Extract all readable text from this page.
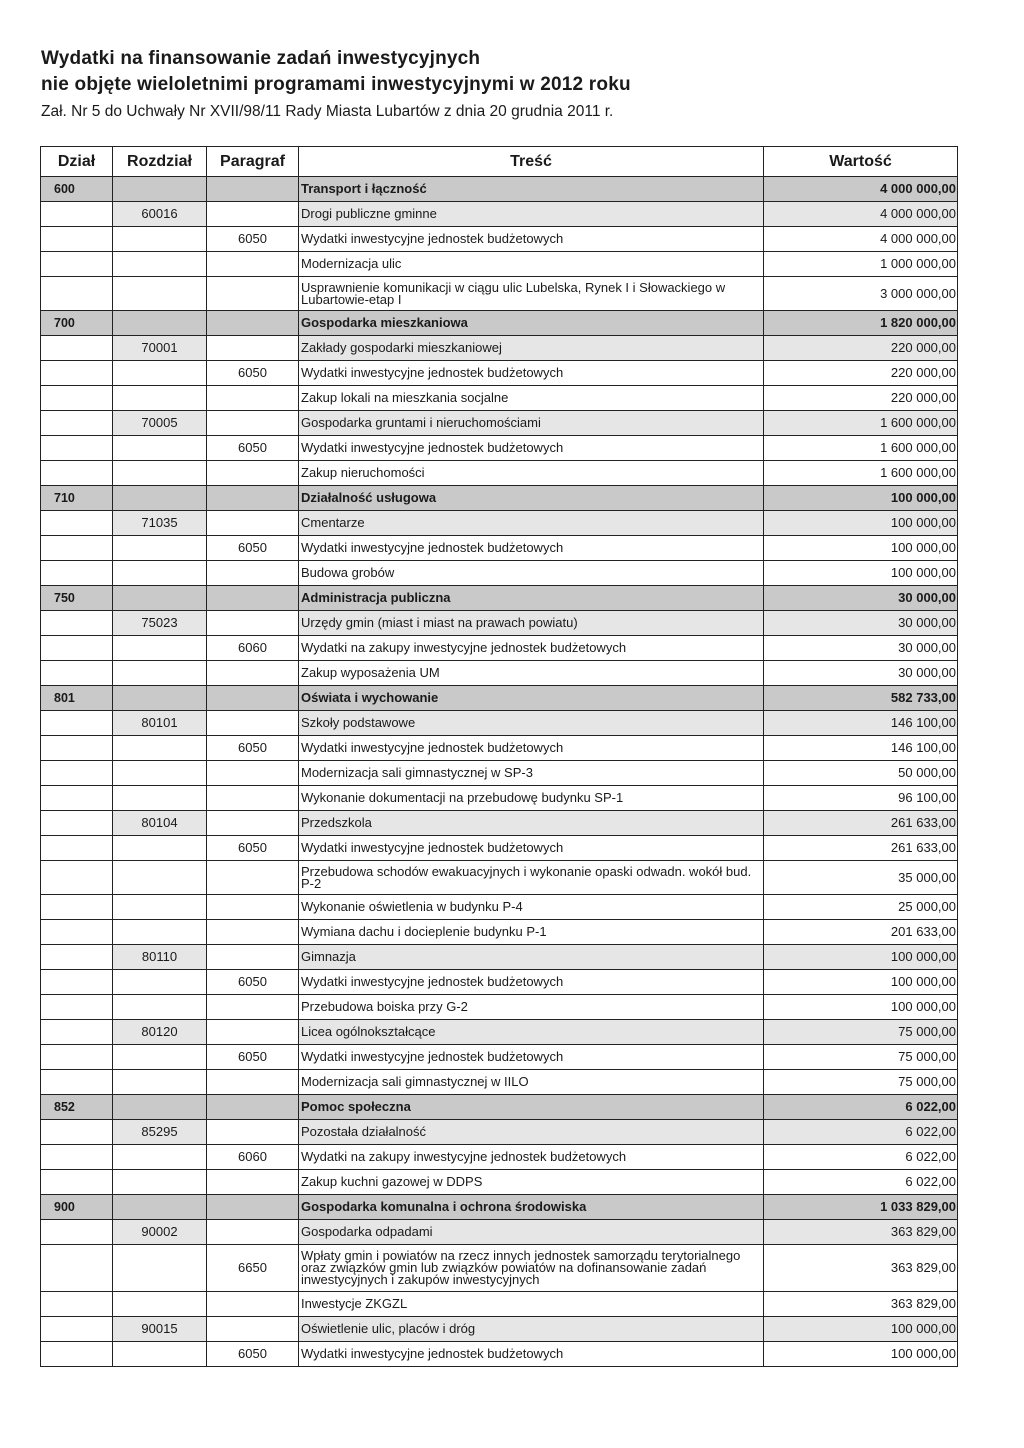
Wydatki na finansowanie zadań inwestycyjnych
nie objęte wieloletnimi programami inwestycyjnymi w 2012 roku
Zał. Nr 5 do Uchwały Nr XVII/98/11 Rady Miasta Lubartów z dnia 20 grudnia 2011 r.
Dział	Rozdział	Paragraf	Treść	Wartość
600			Transport i łączność	4 000 000,00
	60016		Drogi publiczne gminne	4 000 000,00
		6050	Wydatki inwestycyjne jednostek budżetowych	4 000 000,00
			Modernizacja ulic	1 000 000,00
			Usprawnienie komunikacji w ciągu ulic Lubelska, Rynek I i Słowackiego w Lubartowie-etap I	3 000 000,00
700			Gospodarka mieszkaniowa	1 820 000,00
	70001		Zakłady gospodarki mieszkaniowej	220 000,00
		6050	Wydatki inwestycyjne jednostek budżetowych	220 000,00
			Zakup lokali na mieszkania socjalne	220 000,00
	70005		Gospodarka gruntami i nieruchomościami	1 600 000,00
		6050	Wydatki inwestycyjne jednostek budżetowych	1 600 000,00
			Zakup nieruchomości	1 600 000,00
710			Działalność usługowa	100 000,00
	71035		Cmentarze	100 000,00
		6050	Wydatki inwestycyjne jednostek budżetowych	100 000,00
			Budowa grobów	100 000,00
750			Administracja publiczna	30 000,00
	75023		Urzędy gmin (miast i miast na prawach powiatu)	30 000,00
		6060	Wydatki na zakupy inwestycyjne jednostek budżetowych	30 000,00
			Zakup wyposażenia UM	30 000,00
801			Oświata i wychowanie	582 733,00
	80101		Szkoły podstawowe	146 100,00
		6050	Wydatki inwestycyjne jednostek budżetowych	146 100,00
			Modernizacja sali gimnastycznej w SP-3	50 000,00
			Wykonanie dokumentacji na przebudowę budynku SP-1	96 100,00
	80104		Przedszkola	261 633,00
		6050	Wydatki inwestycyjne jednostek budżetowych	261 633,00
			Przebudowa schodów ewakuacyjnych i wykonanie opaski odwadn. wokół bud. P-2	35 000,00
			Wykonanie oświetlenia w budynku P-4	25 000,00
			Wymiana dachu i docieplenie budynku P-1	201 633,00
	80110		Gimnazja	100 000,00
		6050	Wydatki inwestycyjne jednostek budżetowych	100 000,00
			Przebudowa boiska przy G-2	100 000,00
	80120		Licea ogólnokształcące	75 000,00
		6050	Wydatki inwestycyjne jednostek budżetowych	75 000,00
			Modernizacja sali gimnastycznej w IILO	75 000,00
852			Pomoc społeczna	6 022,00
	85295		Pozostała działalność	6 022,00
		6060	Wydatki na zakupy inwestycyjne jednostek budżetowych	6 022,00
			Zakup kuchni gazowej w DDPS	6 022,00
900			Gospodarka komunalna i ochrona środowiska	1 033 829,00
	90002		Gospodarka odpadami	363 829,00
		6650	Wpłaty gmin i powiatów na rzecz innych jednostek samorządu terytorialnego oraz związków gmin lub związków powiatów na dofinansowanie zadań inwestycyjnych i zakupów inwestycyjnych	363 829,00
			Inwestycje ZKGZL	363 829,00
	90015		Oświetlenie ulic, placów i dróg	100 000,00
		6050	Wydatki inwestycyjne jednostek budżetowych	100 000,00
